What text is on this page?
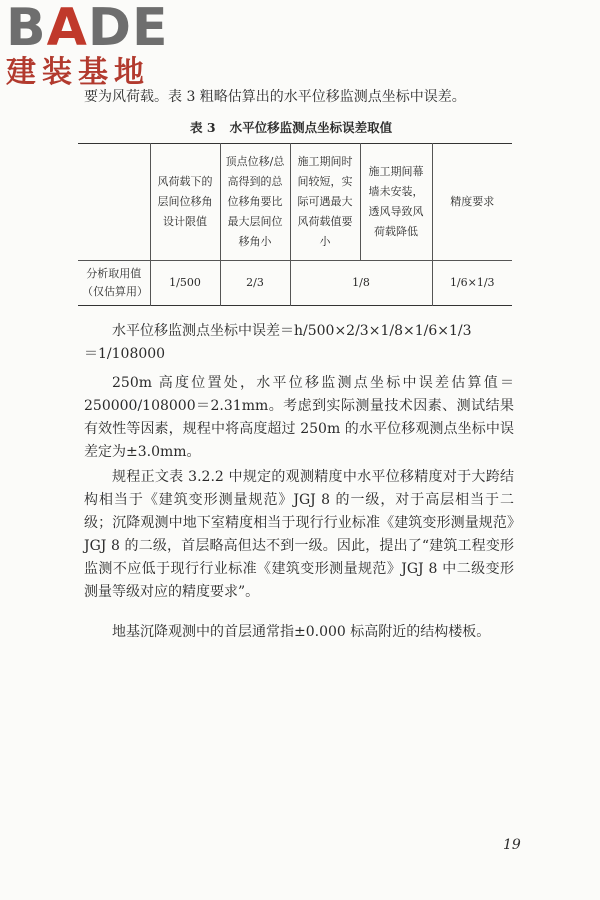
BADE
建装基地
要为风荷载。表 3 粗略估算出的水平位移监测点坐标中误差。
表 3 水平位移监测点坐标误差取值
	风荷载下的层间位移角设计限值	顶点位移/总高得到的总位移角要比最大层间位移角小	施工期间时间较短，实际可遇最大风荷载值要小	施工期间幕墙未安装，透风导致风荷载降低	精度要求
分析取用值（仅估算用）	1/500	2/3	1/8		1/6×1/3
水平位移监测点坐标中误差＝h/500×2/3×1/8×1/6×1/3
＝1/108000
250m 高度位置处，水平位移监测点坐标中误差估算值＝250000/108000＝2.31mm。考虑到实际测量技术因素、测试结果有效性等因素，规程中将高度超过 250m 的水平位移观测点坐标中误差定为±3.0mm。
规程正文表 3.2.2 中规定的观测精度中水平位移精度对于大跨结构相当于《建筑变形测量规范》JGJ 8 的一级，对于高层相当于二级；沉降观测中地下室精度相当于现行行业标准《建筑变形测量规范》JGJ 8 的二级，首层略高但达不到一级。因此，提出了“建筑工程变形监测不应低于现行行业标准《建筑变形测量规范》JGJ 8 中二级变形测量等级对应的精度要求”。
地基沉降观测中的首层通常指±0.000 标高附近的结构楼板。
19
